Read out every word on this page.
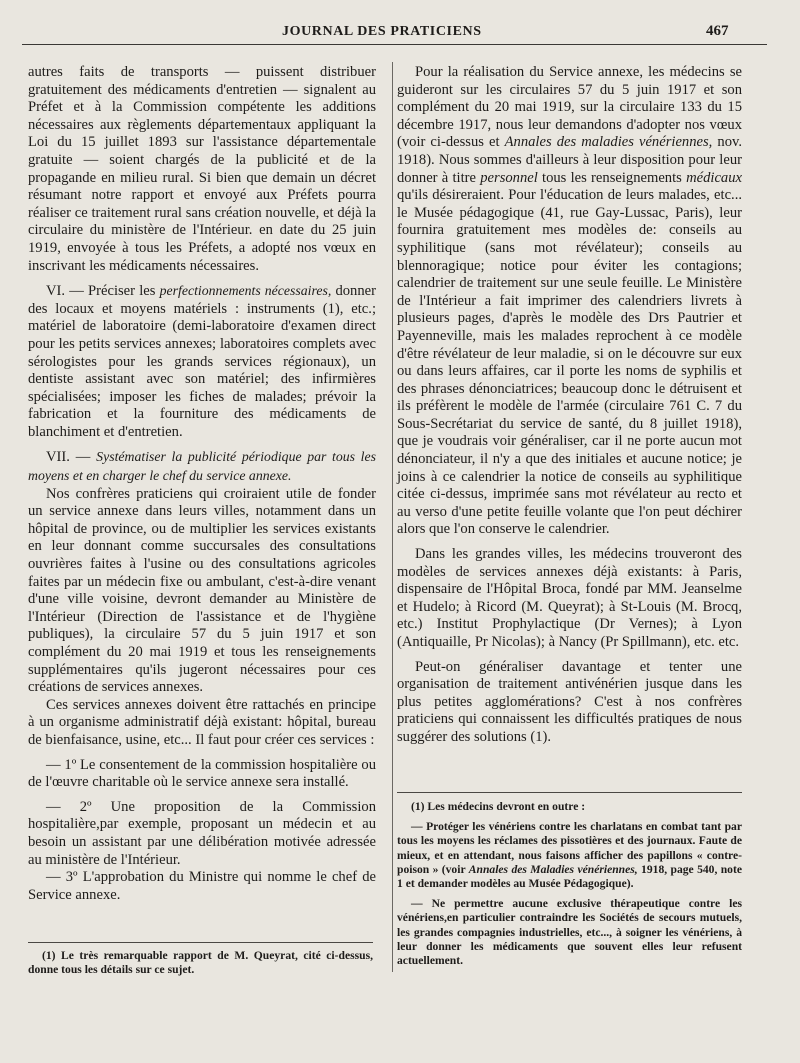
JOURNAL DES PRATICIENS	467

autres faits de transports — puissent distribuer gratuitement des médicaments d'entretien — signalent au Préfet et à la Commission compétente les additions nécessaires aux règlements départementaux appliquant la Loi du 15 juillet 1893 sur l'assistance départementale gratuite — soient chargés de la publicité et de la propagande en milieu rural. Si bien que demain un décret résumant notre rapport et envoyé aux Préfets pourra réaliser ce traitement rural sans création nouvelle, et déjà la circulaire du ministère de l'Intérieur. en date du 25 juin 1919, envoyée à tous les Préfets, a adopté nos vœux en inscrivant les médicaments nécessaires.

VI. — Préciser les perfectionnements nécessaires, donner des locaux et moyens matériels : instruments (1), etc.; matériel de laboratoire (demi-laboratoire d'examen direct pour les petits services annexes; laboratoires complets avec sérologistes pour les grands services régionaux), un dentiste assistant avec son matériel; des infirmières spécialisées; imposer les fiches de malades; prévoir la fabrication et la fourniture des médicaments de blanchiment et d'entretien.

VII. — Systématiser la publicité périodique par tous les moyens et en charger le chef du service annexe.

Nos confrères praticiens qui croiraient utile de fonder un service annexe dans leurs villes, notamment dans un hôpital de province, ou de multiplier les services existants en leur donnant comme succursales des consultations ouvrières faites à l'usine ou des consultations agricoles faites par un médecin fixe ou ambulant, c'est-à-dire venant d'une ville voisine, devront demander au Ministère de l'Intérieur (Direction de l'assistance et de l'hygiène publiques), la circulaire 57 du 5 juin 1917 et son complément du 20 mai 1919 et tous les renseignements supplémentaires qu'ils jugeront nécessaires pour ces créations de services annexes.

Ces services annexes doivent être rattachés en principe à un organisme administratif déjà existant: hôpital, bureau de bienfaisance, usine, etc... Il faut pour créer ces services :

— 1º Le consentement de la commission hospitalière ou de l'œuvre charitable où le service annexe sera installé.

— 2º Une proposition de la Commission hospitalière,par exemple, proposant un médecin et au besoin un assistant par une délibération motivée adressée au ministère de l'Intérieur.

— 3º L'approbation du Ministre qui nomme le chef de Service annexe.

(1) Le très remarquable rapport de M. Queyrat, cité ci-dessus, donne tous les détails sur ce sujet.

Pour la réalisation du Service annexe, les médecins se guideront sur les circulaires 57 du 5 juin 1917 et son complément du 20 mai 1919, sur la circulaire 133 du 15 décembre 1917, nous leur demandons d'adopter nos vœux (voir ci-dessus et Annales des maladies vénériennes, nov. 1918). Nous sommes d'ailleurs à leur disposition pour leur donner à titre personnel tous les renseignements médicaux qu'ils désireraient. Pour l'éducation de leurs malades, etc... le Musée pédagogique (41, rue Gay-Lussac, Paris), leur fournira gratuitement mes modèles de: conseils au syphilitique (sans mot révélateur); conseils au blennoragique; notice pour éviter les contagions; calendrier de traitement sur une seule feuille. Le Ministère de l'Intérieur a fait imprimer des calendriers livrets à plusieurs pages, d'après le modèle des Drs Pautrier et Payenneville, mais les malades reprochent à ce modèle d'être révélateur de leur maladie, si on le découvre sur eux ou dans leurs affaires, car il porte les noms de syphilis et des phrases dénonciatrices; beaucoup donc le détruisent et ils préfèrent le modèle de l'armée (circulaire 761 C. 7 du Sous-Secrétariat du service de santé, du 8 juillet 1918), que je voudrais voir généraliser, car il ne porte aucun mot dénonciateur, il n'y a que des initiales et aucune notice; je joins à ce calendrier la notice de conseils au syphilitique citée ci-dessus, imprimée sans mot révélateur au recto et au verso d'une petite feuille volante que l'on peut déchirer alors que l'on conserve le calendrier.

Dans les grandes villes, les médecins trouveront des modèles de services annexes déjà existants: à Paris, dispensaire de l'Hôpital Broca, fondé par MM. Jeanselme et Hudelo; à Ricord (M. Queyrat); à St-Louis (M. Brocq, etc.) Institut Prophylactique (Dr Vernes); à Lyon (Antiquaille, Pr Nicolas); à Nancy (Pr Spillmann), etc. etc.

Peut-on généraliser davantage et tenter une organisation de traitement antivénérien jusque dans les plus petites agglomérations? C'est à nos confrères praticiens qui connaissent les difficultés pratiques de nous suggérer des solutions (1).

(1) Les médecins devront en outre :

— Protéger les vénériens contre les charlatans en combat tant par tous les moyens les réclames des pissotières et des journaux. Faute de mieux, et en attendant, nous faisons afficher des papillons « contre-poison » (voir Annales des Maladies vénériennes, 1918, page 540, note 1 et demander modèles au Musée Pédagogique).

— Ne permettre aucune exclusive thérapeutique contre les vénériens,en particulier contraindre les Sociétés de secours mutuels, les grandes compagnies industrielles, etc..., à soigner les vénériens, à leur donner les médicaments que souvent elles leur refusent actuellement.
